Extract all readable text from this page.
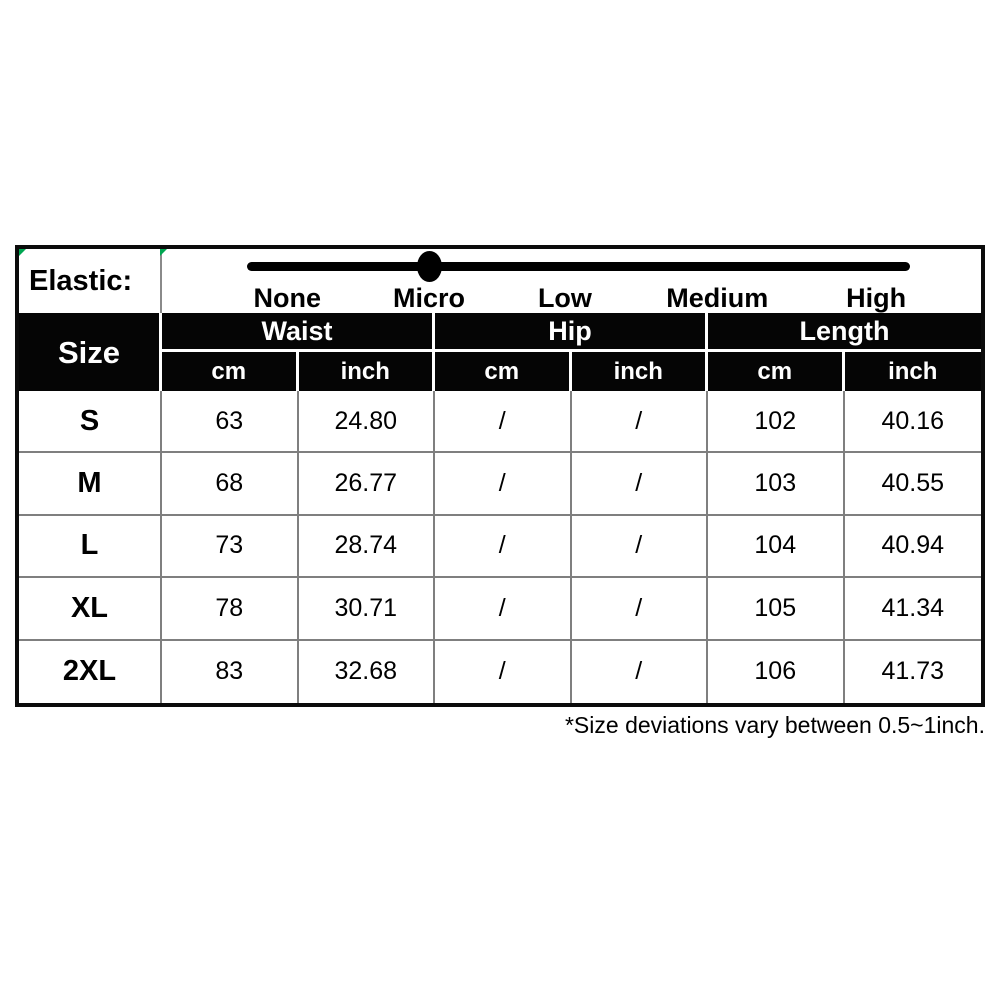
Elastic:
None	Micro	Low	Medium	High
Size
Waist	Hip	Length
cm	inch	cm	inch	cm	inch
S	63	24.80	/	/	102	40.16
M	68	26.77	/	/	103	40.55
L	73	28.74	/	/	104	40.94
XL	78	30.71	/	/	105	41.34
2XL	83	32.68	/	/	106	41.73
*Size deviations vary between 0.5~1inch.
